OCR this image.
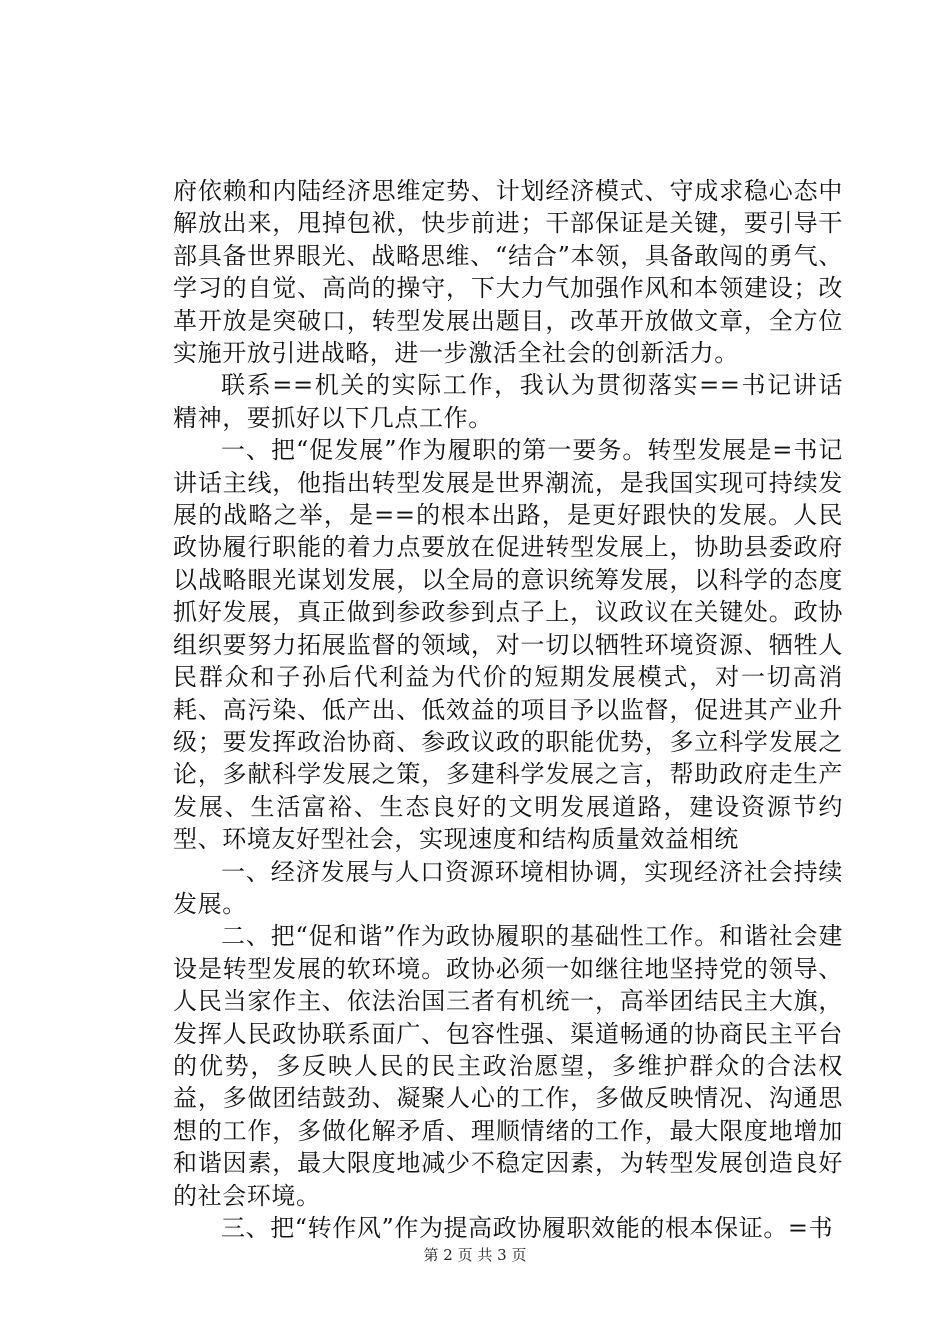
府依赖和内陆经济思维定势、计划经济模式、守成求稳心态中解放出来，甩掉包袱，快步前进；干部保证是关键，要引导干部具备世界眼光、战略思维、“结合”本领，具备敢闯的勇气、学习的自觉、高尚的操守，下大力气加强作风和本领建设；改革开放是突破口，转型发展出题目，改革开放做文章，全方位实施开放引进战略，进一步激活全社会的创新活力。

联系==机关的实际工作，我认为贯彻落实==书记讲话精神，要抓好以下几点工作。

一、把“促发展”作为履职的第一要务。转型发展是=书记讲话主线，他指出转型发展是世界潮流，是我国实现可持续发展的战略之举，是==的根本出路，是更好跟快的发展。人民政协履行职能的着力点要放在促进转型发展上，协助县委政府以战略眼光谋划发展，以全局的意识统筹发展，以科学的态度抓好发展，真正做到参政参到点子上，议政议在关键处。政协组织要努力拓展监督的领域，对一切以牺牲环境资源、牺牲人民群众和子孙后代利益为代价的短期发展模式，对一切高消耗、高污染、低产出、低效益的项目予以监督，促进其产业升级；要发挥政治协商、参政议政的职能优势，多立科学发展之论，多献科学发展之策，多建科学发展之言，帮助政府走生产发展、生活富裕、生态良好的文明发展道路，建设资源节约型、环境友好型社会，实现速度和结构质量效益相统

一、经济发展与人口资源环境相协调，实现经济社会持续发展。

二、把“促和谐”作为政协履职的基础性工作。和谐社会建设是转型发展的软环境。政协必须一如继往地坚持党的领导、人民当家作主、依法治国三者有机统一，高举团结民主大旗，发挥人民政协联系面广、包容性强、渠道畅通的协商民主平台的优势，多反映人民的民主政治愿望，多维护群众的合法权益，多做团结鼓劲、凝聚人心的工作，多做反映情况、沟通思想的工作，多做化解矛盾、理顺情绪的工作，最大限度地增加和谐因素，最大限度地减少不稳定因素，为转型发展创造良好的社会环境。

三、把“转作风”作为提高政协履职效能的根本保证。=书

第 2 页 共 3 页
